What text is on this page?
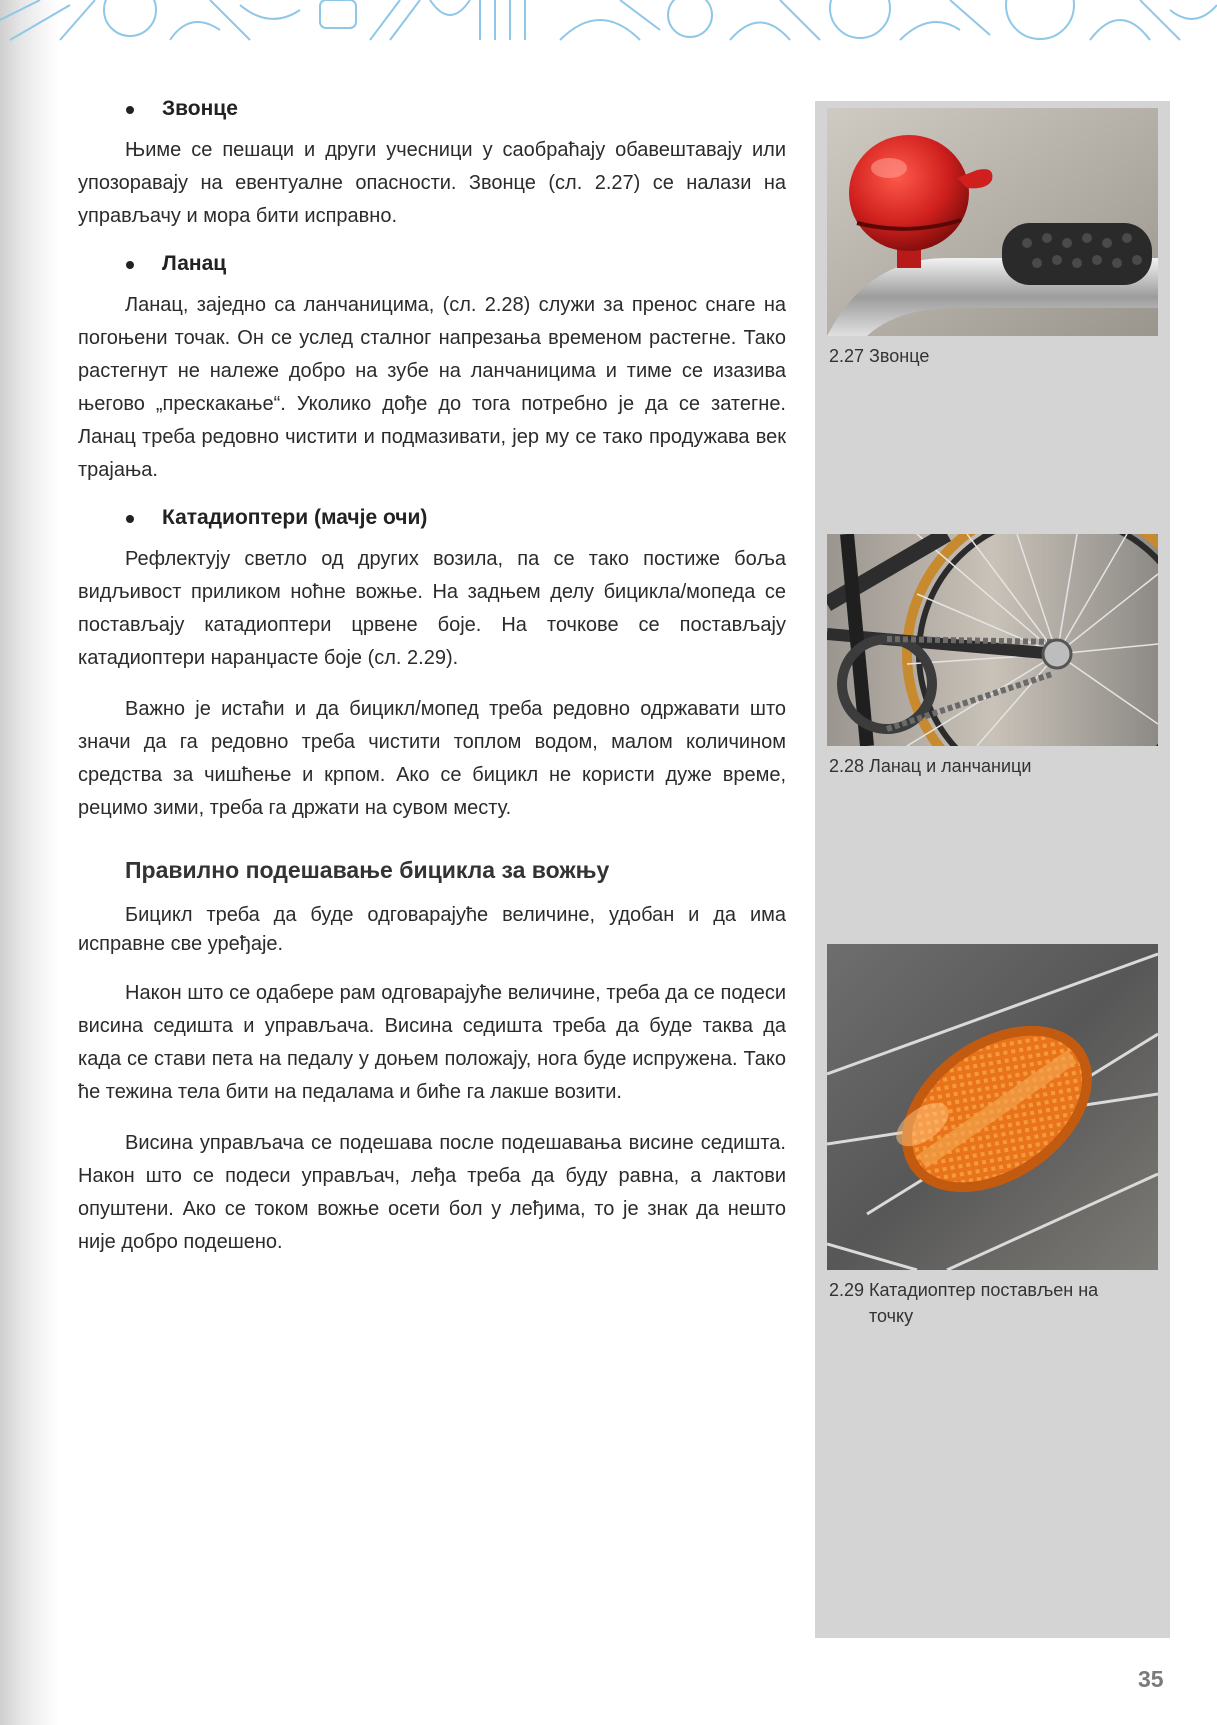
Звонце

Њиме се пешаци и други учесници у саобраћају обавештавају или упозоравају на евентуалне опасности. Звонце (сл. 2.27) се налази на управљачу и мора бити исправно.

Ланац

Ланац, заједно са ланчаницима, (сл. 2.28) служи за пренос снаге на погоњени точак. Он се услед сталног напрезања временом растегне. Тако растегнут не належе добро на зубе на ланчаницима и тиме се изазива његово „прескакање“. Уколико дође до тога потребно је да се затегне. Ланац треба редовно чистити и подмазивати, јер му се тако продужава век трајања.

Катадиоптери (мачје очи)

Рефлектују светло од других возила, па се тако постиже боља видљивост приликом ноћне вожње. На задњем делу бицикла/мопеда се постављају катадиоптери црвене боје. На точкове се постављају катадиоптери наранџасте боје (сл. 2.29).

Важно је истаћи и да бицикл/мопед треба редовно одржавати што значи да га редовно треба чистити топлом водом, малом количином средства за чишћење и крпом. Ако се бицикл не користи дуже време, рецимо зими, треба га држати на сувом месту.

Правилно подешавање бицикла за вожњу

Бицикл треба да буде одговарајуће величине, удобан и да има исправне све уређаје.

Након што се одабере рам одговарајуће величине, треба да се подеси висина седишта и управљача. Висина седишта треба да буде таква да када се стави пета на педалу у доњем положају, нога буде испружена. Тако ће тежина тела бити на педалама и биће га лакше возити.

Висина управљача се подешава после подешавања висине седишта. Након што се подеси управљач, леђа треба да буду равна, а лактови опуштени. Ако се током вожње осети бол у леђима, то је знак да нешто није добро подешено.

2.27 Звонце
2.28 Ланац и ланчаници
2.29 Катадиоптер постављен на
точку
35
